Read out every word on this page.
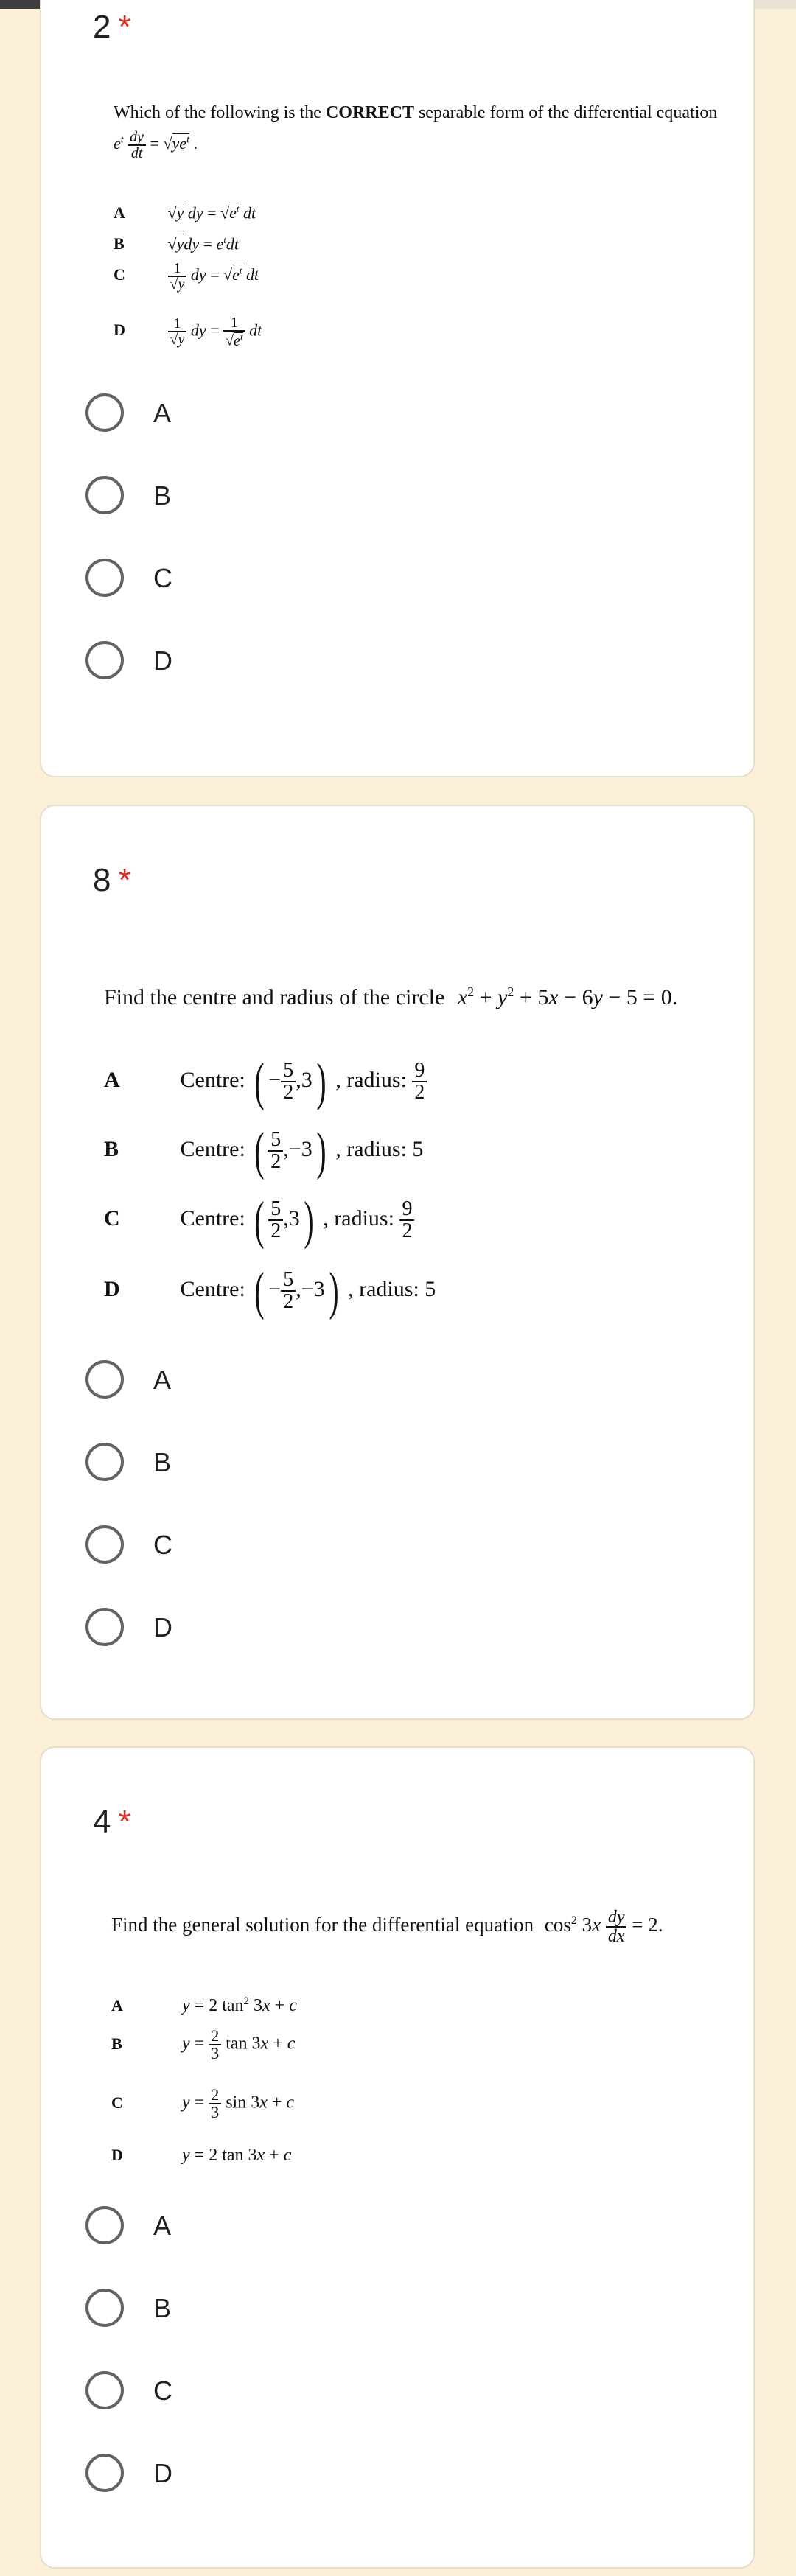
2 *
Which of the following is the CORRECT separable form of the differential equation
$e^t \frac{dy}{dt} = √ye^t$ .
A √y dy = $√e^t$ dt
B $√ydy = e^tdt$
C	$\frac{1}{√y}$ dy = $√e^t$ dt
D	$\frac{1}{√y}$ dy = $\frac{1}{√e^t}$ dt
A
B
C
D
8 *
Find the centre and radius of the circle $x^2 + y^2 + 5x - 6y - 5 = 0$.
A	Centre: ( − $\frac{5}{2} ,3$) , radius: $\frac{9}{2}$
B	Centre: ( $\frac{5}{2} ,-3$) , radius: 5
C	Centre: ( $\frac{5}{2} ,3$) , radius: $\frac{9}{2}$
D	Centre: ( − $\frac{5}{2} ,-3$) , radius: 5
A
B
C
D
4 *
Find the general solution for the differential equation $\cos^2 3x \frac{dy}{dx} = 2$.
A	y = 2 $\tan^2 3x + c$
B	$y = \frac{2}{3}$ tan 3x + c
C	$y = \frac{2}{3}$ sin 3x + c
D	y = 2 tan 3x + c
A
B
C
D
